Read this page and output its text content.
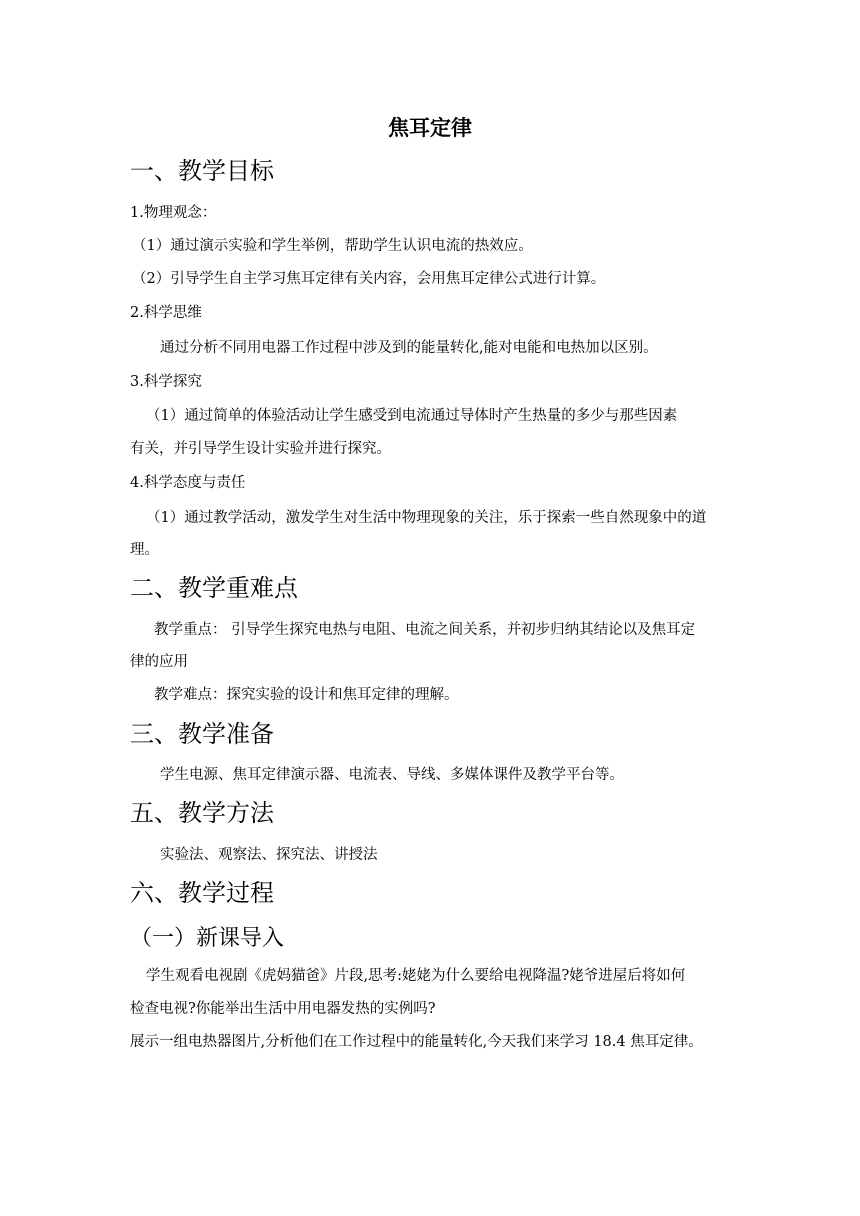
焦耳定律
一、教学目标
1.物理观念：
（1）通过演示实验和学生举例，帮助学生认识电流的热效应。
（2）引导学生自主学习焦耳定律有关内容，会用焦耳定律公式进行计算。
2.科学思维
通过分析不同用电器工作过程中涉及到的能量转化,能对电能和电热加以区别。
3.科学探究
（1）通过简单的体验活动让学生感受到电流通过导体时产生热量的多少与那些因素
有关，并引导学生设计实验并进行探究。
4.科学态度与责任
（1）通过教学活动，激发学生对生活中物理现象的关注，乐于探索一些自然现象中的道
理。
二、教学重难点
教学重点： 引导学生探究电热与电阻、电流之间关系，并初步归纳其结论以及焦耳定
律的应用
教学难点：探究实验的设计和焦耳定律的理解。
三、教学准备
学生电源、焦耳定律演示器、电流表、导线、多媒体课件及教学平台等。
五、教学方法
实验法、观察法、探究法、讲授法
六、教学过程
（一）新课导入
学生观看电视剧《虎妈猫爸》片段,思考:姥姥为什么要给电视降温?姥爷进屋后将如何
检查电视?你能举出生活中用电器发热的实例吗?
展示一组电热器图片,分析他们在工作过程中的能量转化,今天我们来学习 18.4 焦耳定律。
